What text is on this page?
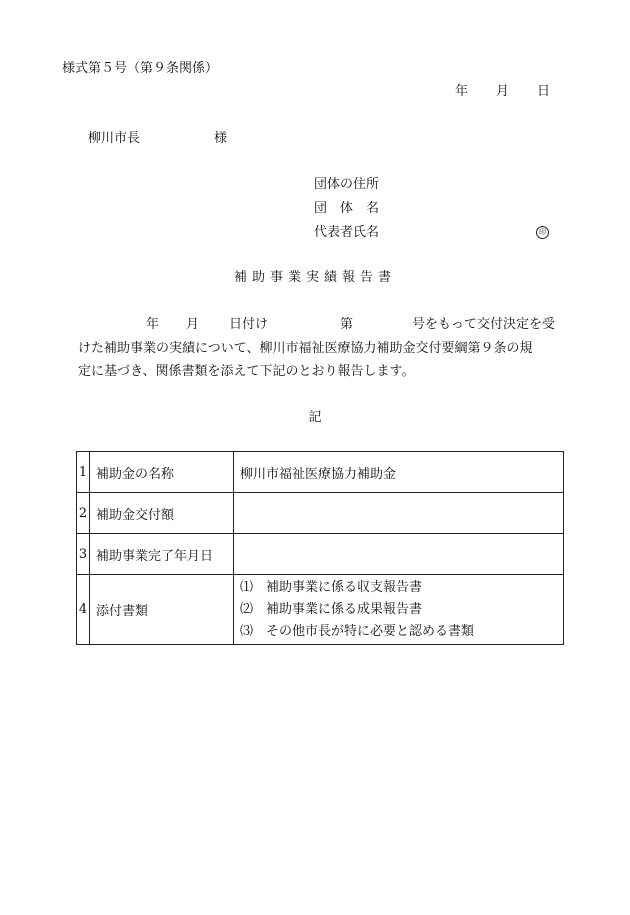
様式第５号（第９条関係）
年 月 日
柳川市長	様
団体の住所
団　体　名
代表者氏名	印
補助事業実績報告書
年 月 日付け	第	号をもって交付決定を受
けた補助事業の実績について、柳川市福祉医療協力補助金交付要綱第９条の規
定に基づき、関係書類を添えて下記のとおり報告します。
記
1	補助金の名称	柳川市福祉医療協力補助金
2	補助金交付額	
3	補助事業完了年月日	
4	添付書類	⑴　補助事業に係る収支報告書
⑵　補助事業に係る成果報告書
⑶　その他市長が特に必要と認める書類
